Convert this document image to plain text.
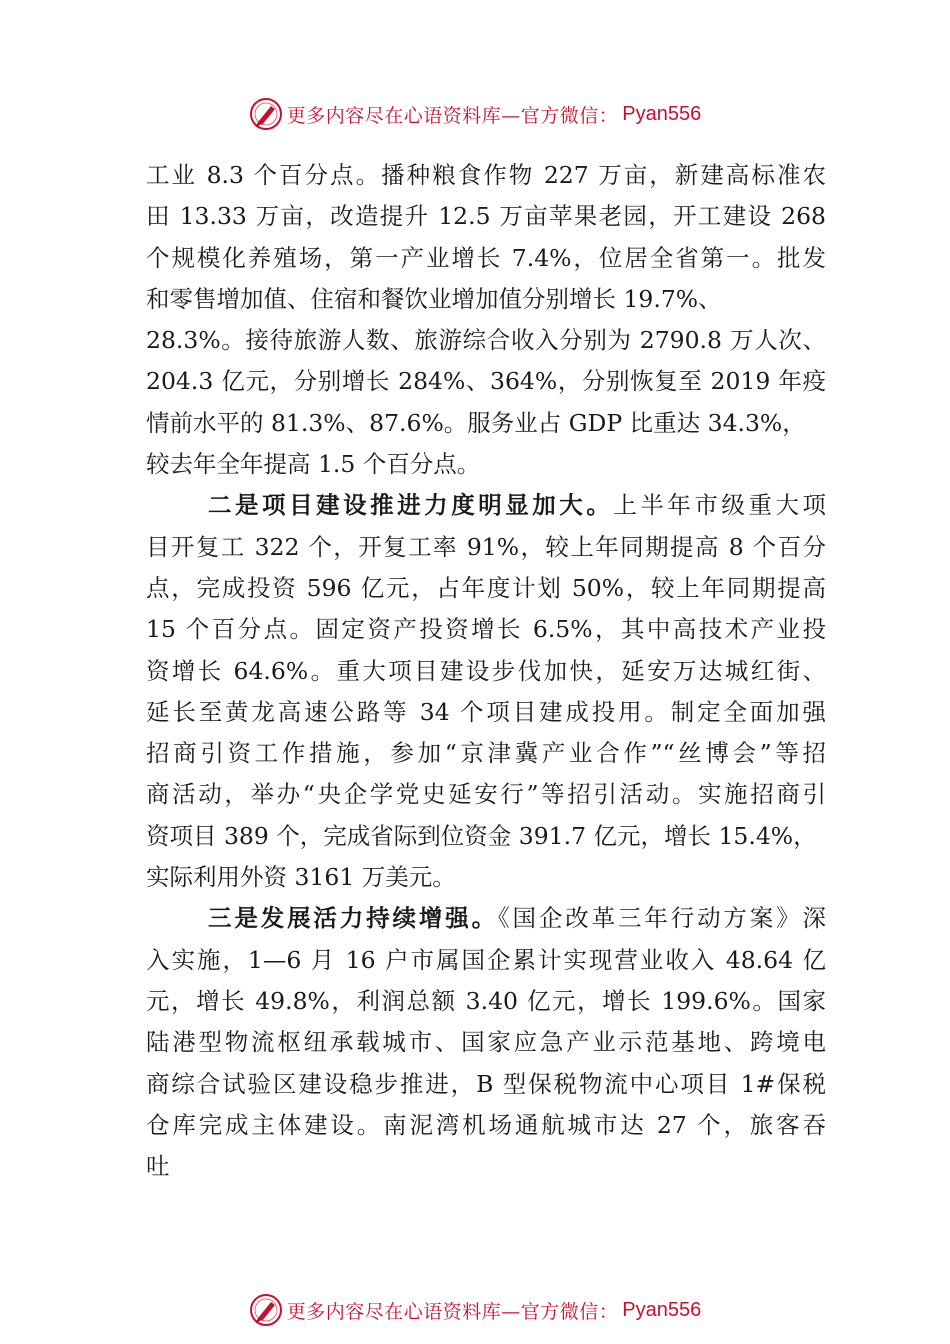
更多内容尽在心语资料库—官方微信： Pyan556
工业 8.3 个百分点。播种粮食作物 227 万亩，新建高标准农
田 13.33 万亩，改造提升 12.5 万亩苹果老园，开工建设 268
个规模化养殖场，第一产业增长 7.4%，位居全省第一。批发
和零售增加值、住宿和餐饮业增加值分别增长 19.7%、
28.3%。接待旅游人数、旅游综合收入分别为 2790.8 万人次、
204.3 亿元，分别增长 284%、364%，分别恢复至 2019 年疫
情前水平的 81.3%、87.6%。服务业占 GDP 比重达 34.3%，
较去年全年提高 1.5 个百分点。
二是项目建设推进力度明显加大。上半年市级重大项
目开复工 322 个，开复工率 91%，较上年同期提高 8 个百分
点，完成投资 596 亿元，占年度计划 50%，较上年同期提高
15 个百分点。固定资产投资增长 6.5%，其中高技术产业投
资增长 64.6%。重大项目建设步伐加快，延安万达城红街、
延长至黄龙高速公路等 34 个项目建成投用。制定全面加强
招商引资工作措施，参加“京津冀产业合作”“丝博会”等招
商活动，举办“央企学党史延安行”等招引活动。实施招商引
资项目 389 个，完成省际到位资金 391.7 亿元，增长 15.4%，
实际利用外资 3161 万美元。
三是发展活力持续增强。《国企改革三年行动方案》深
入实施，1—6 月 16 户市属国企累计实现营业收入 48.64 亿
元，增长 49.8%，利润总额 3.40 亿元，增长 199.6%。国家
陆港型物流枢纽承载城市、国家应急产业示范基地、跨境电
商综合试验区建设稳步推进，B 型保税物流中心项目 1#保税
仓库完成主体建设。南泥湾机场通航城市达 27 个，旅客吞
吐
更多内容尽在心语资料库—官方微信： Pyan556
